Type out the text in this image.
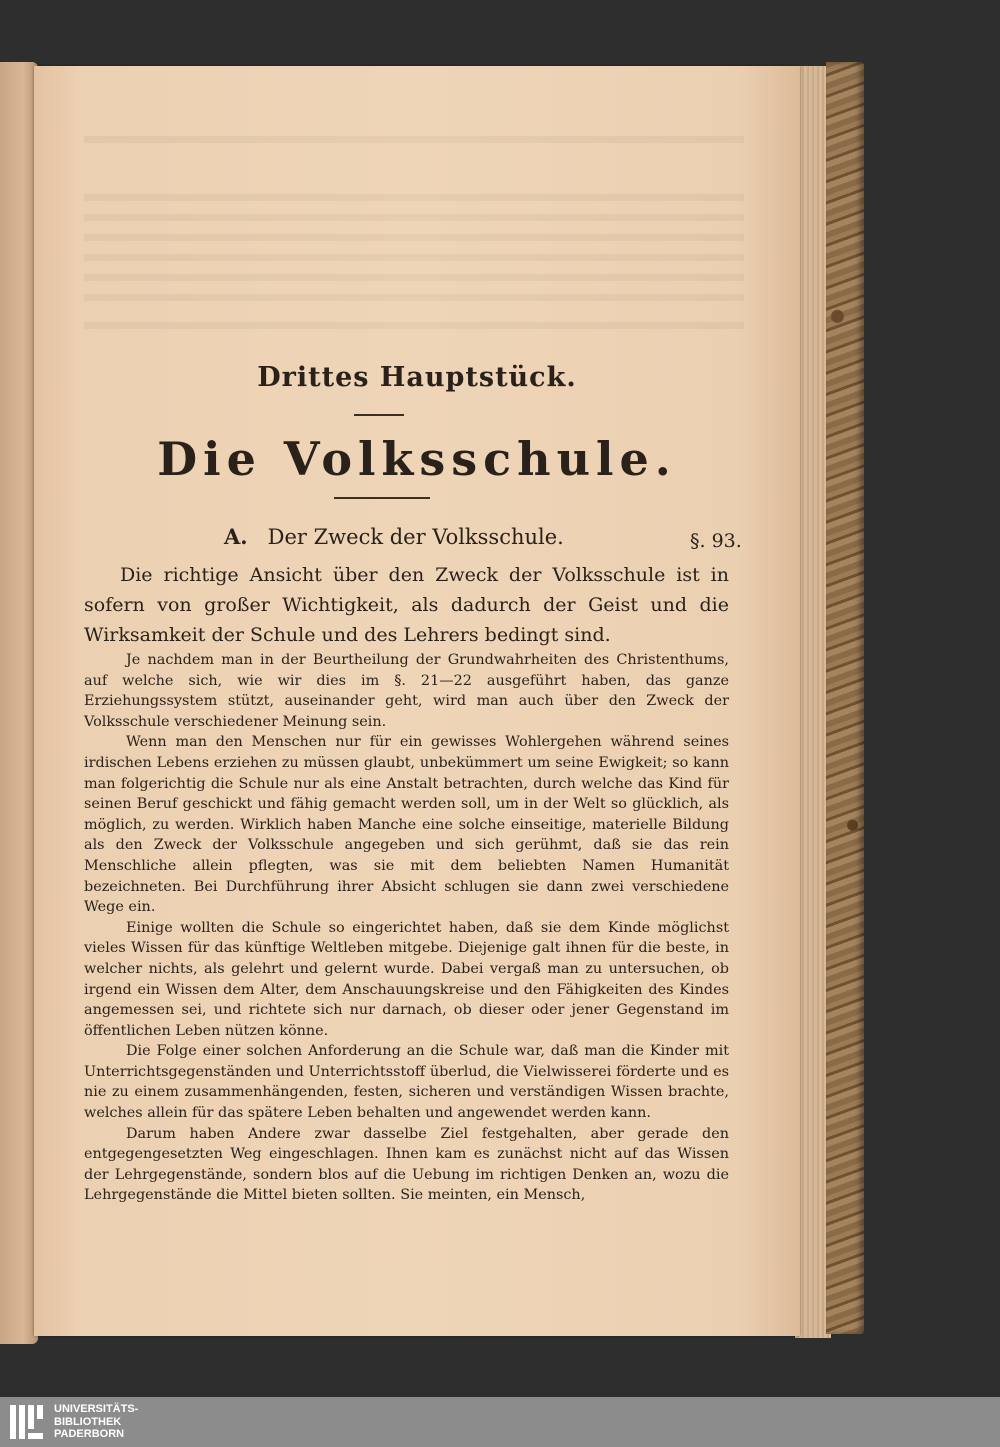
Drittes Hauptstück.
Die Volksschule.
A. Der Zweck der Volksschule.	§. 93.

Die richtige Ansicht über den Zweck der Volksschule ist in sofern von großer Wichtigkeit, als dadurch der Geist und die Wirksamkeit der Schule und des Lehrers bedingt sind.

Je nachdem man in der Beurtheilung der Grundwahrheiten des Christenthums, auf welche sich, wie wir dies im §. 21—22 ausgeführt haben, das ganze Erziehungssystem stützt, auseinander geht, wird man auch über den Zweck der Volksschule verschiedener Meinung sein.

Wenn man den Menschen nur für ein gewisses Wohlergehen während seines irdischen Lebens erziehen zu müssen glaubt, unbekümmert um seine Ewigkeit; so kann man folgerichtig die Schule nur als eine Anstalt betrachten, durch welche das Kind für seinen Beruf geschickt und fähig gemacht werden soll, um in der Welt so glücklich, als möglich, zu werden. Wirklich haben Manche eine solche einseitige, materielle Bildung als den Zweck der Volksschule angegeben und sich gerühmt, daß sie das rein Menschliche allein pflegten, was sie mit dem beliebten Namen Humanität bezeichneten. Bei Durchführung ihrer Absicht schlugen sie dann zwei verschiedene Wege ein.

Einige wollten die Schule so eingerichtet haben, daß sie dem Kinde möglichst vieles Wissen für das künftige Weltleben mitgebe. Diejenige galt ihnen für die beste, in welcher nichts, als gelehrt und gelernt wurde. Dabei vergaß man zu untersuchen, ob irgend ein Wissen dem Alter, dem Anschauungskreise und den Fähigkeiten des Kindes angemessen sei, und richtete sich nur darnach, ob dieser oder jener Gegenstand im öffentlichen Leben nützen könne.

Die Folge einer solchen Anforderung an die Schule war, daß man die Kinder mit Unterrichtsgegenständen und Unterrichtsstoff überlud, die Vielwisserei förderte und es nie zu einem zusammenhängenden, festen, sicheren und verständigen Wissen brachte, welches allein für das spätere Leben behalten und angewendet werden kann.

Darum haben Andere zwar dasselbe Ziel festgehalten, aber gerade den entgegengesetzten Weg eingeschlagen. Ihnen kam es zunächst nicht auf das Wissen der Lehrgegenstände, sondern blos auf die Uebung im richtigen Denken an, wozu die Lehrgegenstände die Mittel bieten sollten. Sie meinten, ein Mensch,

UNIVERSITÄTS-
BIBLIOTHEK
PADERBORN
